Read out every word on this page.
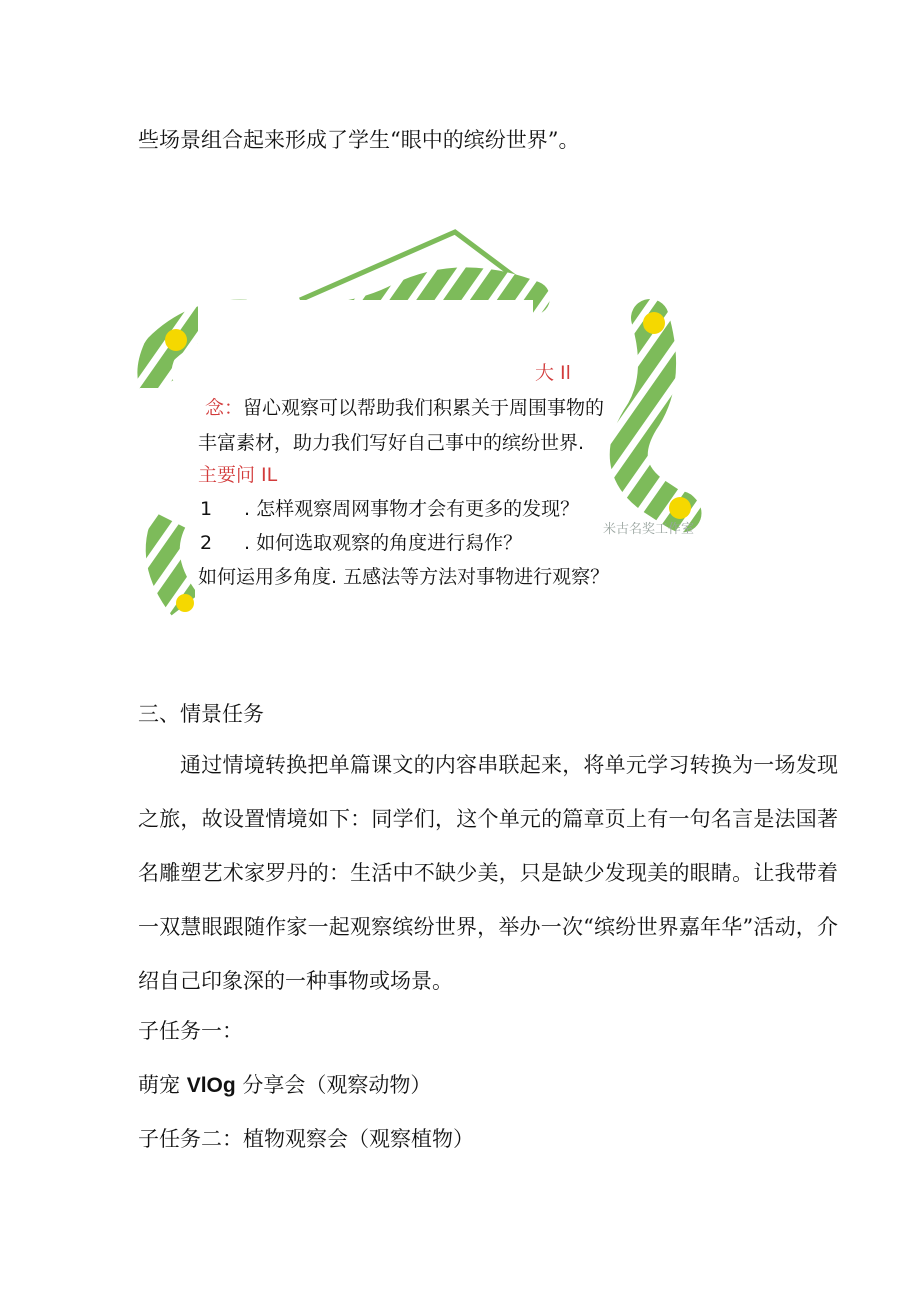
些场景组合起来形成了学生“眼中的缤纷世界”。
大 Il
念：留心观察可以帮助我们积累关于周围事物的
丰富素材，助力我们写好自己事中的缤纷世界.
主要问 IL
1 . 怎样观察周网事物才会有更多的发现？
2 . 如何选取观察的角度进行舄作？
如何运用多角度. 五感法等方法对事物进行观察？
米古名奖工作室
三、情景任务
通过情境转换把单篇课文的内容串联起来，将单元学习转换为一场发现之旅，故设置情境如下：同学们，这个单元的篇章页上有一句名言是法国著名雕塑艺术家罗丹的：生活中不缺少美，只是缺少发现美的眼睛。让我带着一双慧眼跟随作家一起观察缤纷世界，举办一次“缤纷世界嘉年华”活动，介绍自己印象深的一种事物或场景。
子任务一：
萌宠 VlOg 分享会（观察动物）
子任务二：植物观察会（观察植物）
